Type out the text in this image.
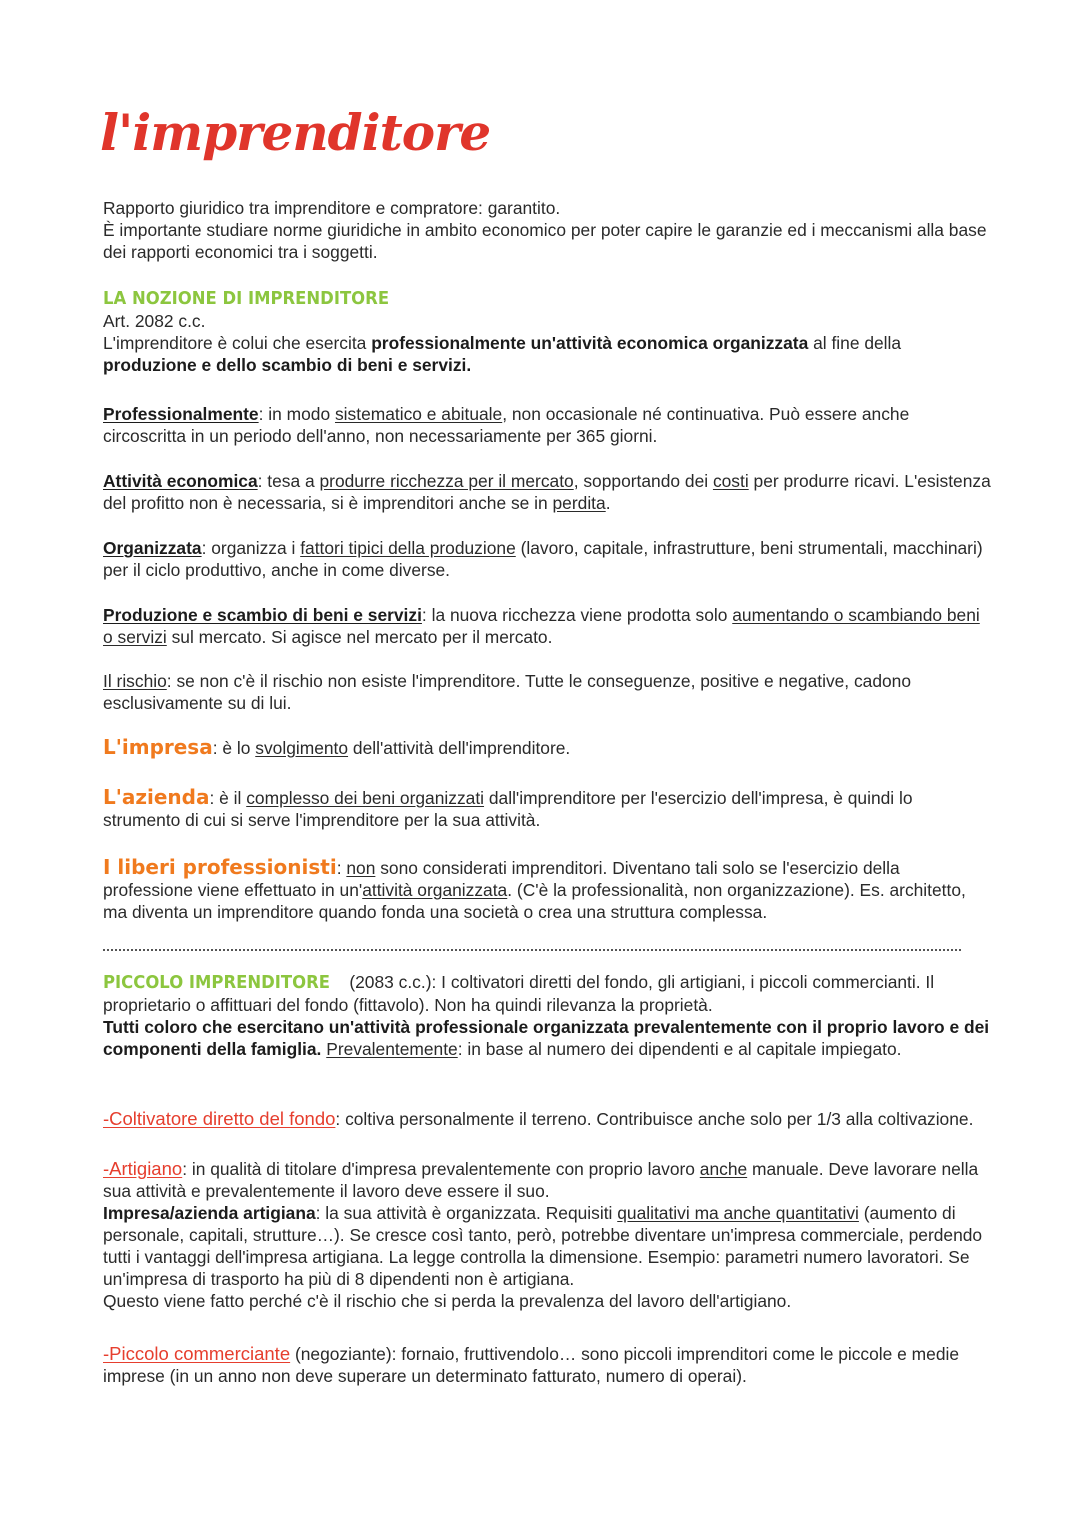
l'imprenditore

Rapporto giuridico tra imprenditore e compratore: garantito.

È importante studiare norme giuridiche in ambito economico per poter capire le garanzie ed i meccanismi alla base dei rapporti economici tra i soggetti.

LA NOZIONE DI IMPRENDITORE

Art. 2082 c.c.

L'imprenditore è colui che esercita professionalmente un'attività economica organizzata al fine della produzione e dello scambio di beni e servizi.

Professionalmente: in modo sistematico e abituale, non occasionale né continuativa. Può essere anche circoscritta in un periodo dell'anno, non necessariamente per 365 giorni.

Attività economica: tesa a produrre ricchezza per il mercato, sopportando dei costi per produrre ricavi. L'esistenza del profitto non è necessaria, si è imprenditori anche se in perdita.

Organizzata: organizza i fattori tipici della produzione (lavoro, capitale, infrastrutture, beni strumentali, macchinari) per il ciclo produttivo, anche in come diverse.

Produzione e scambio di beni e servizi: la nuova ricchezza viene prodotta solo aumentando o scambiando beni o servizi sul mercato. Si agisce nel mercato per il mercato.

Il rischio: se non c'è il rischio non esiste l'imprenditore. Tutte le conseguenze, positive e negative, cadono esclusivamente su di lui.

L'impresa: è lo svolgimento dell'attività dell'imprenditore.

L'azienda: è il complesso dei beni organizzati dall'imprenditore per l'esercizio dell'impresa, è quindi lo strumento di cui si serve l'imprenditore per la sua attività.

I liberi professionisti: non sono considerati imprenditori. Diventano tali solo se l'esercizio della professione viene effettuato in un'attività organizzata. (C'è la professionalità, non organizzazione). Es. architetto, ma diventa un imprenditore quando fonda una società o crea una struttura complessa.

PICCOLO IMPRENDITORE (2083 c.c.): I coltivatori diretti del fondo, gli artigiani, i piccoli commercianti. Il proprietario o affittuari del fondo (fittavolo). Non ha quindi rilevanza la proprietà.

Tutti coloro che esercitano un'attività professionale organizzata prevalentemente con il proprio lavoro e dei componenti della famiglia. Prevalentemente: in base al numero dei dipendenti e al capitale impiegato.

-Coltivatore diretto del fondo: coltiva personalmente il terreno. Contribuisce anche solo per 1/3 alla coltivazione.

-Artigiano: in qualità di titolare d'impresa prevalentemente con proprio lavoro anche manuale. Deve lavorare nella sua attività e prevalentemente il lavoro deve essere il suo.

Impresa/azienda artigiana: la sua attività è organizzata. Requisiti qualitativi ma anche quantitativi (aumento di personale, capitali, strutture…). Se cresce così tanto, però, potrebbe diventare un'impresa commerciale, perdendo tutti i vantaggi dell'impresa artigiana. La legge controlla la dimensione. Esempio: parametri numero lavoratori. Se un'impresa di trasporto ha più di 8 dipendenti non è artigiana.

Questo viene fatto perché c'è il rischio che si perda la prevalenza del lavoro dell'artigiano.

-Piccolo commerciante (negoziante): fornaio, fruttivendolo… sono piccoli imprenditori come le piccole e medie imprese (in un anno non deve superare un determinato fatturato, numero di operai).
